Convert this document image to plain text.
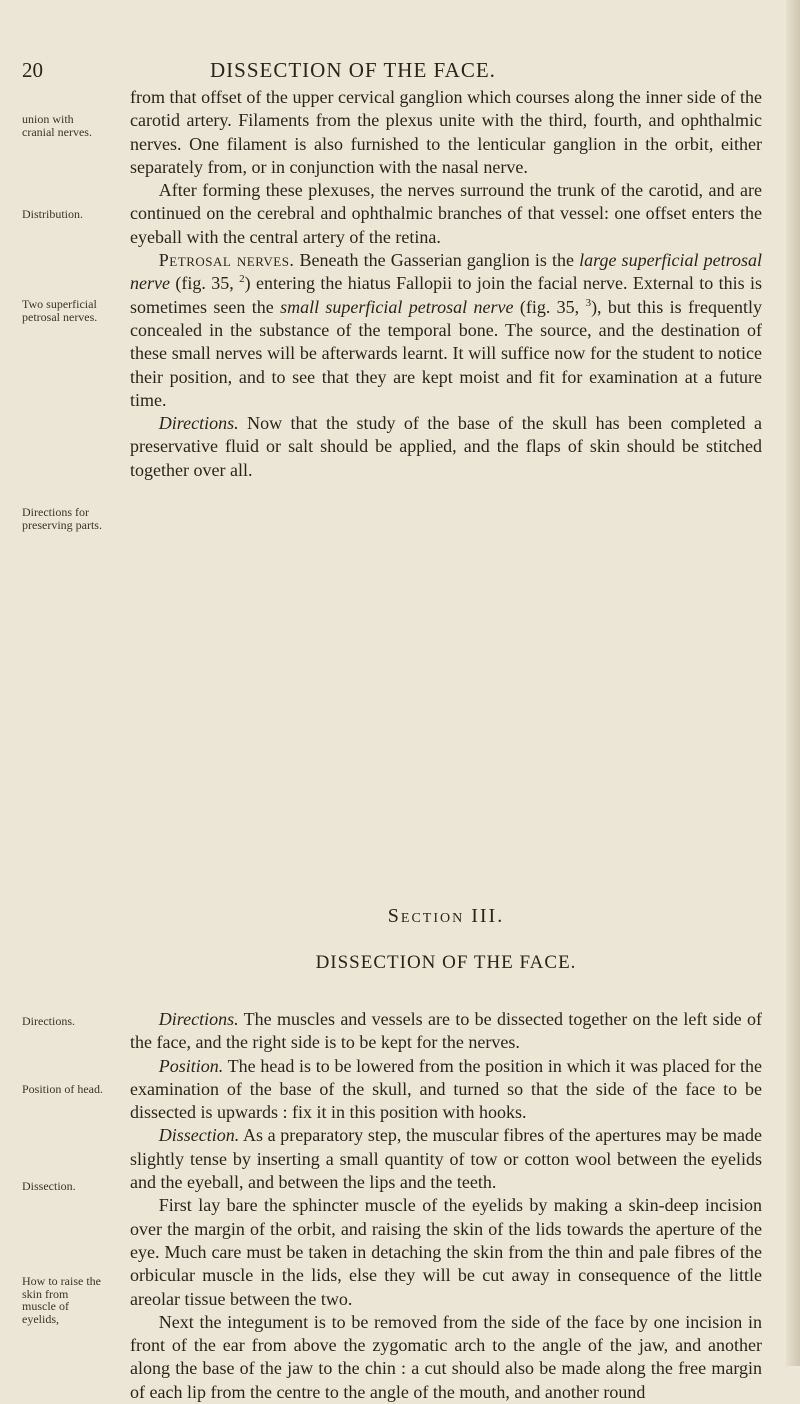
20	DISSECTION OF THE FACE.
union with cranial nerves.
Distribution.
Two superficial petrosal nerves.
Directions for preserving parts.
Directions.
Position of head.
Dissection.
How to raise the skin from muscle of eyelids,

from that offset of the upper cervical ganglion which courses along the inner side of the carotid artery. Filaments from the plexus unite with the third, fourth, and ophthalmic nerves. One filament is also furnished to the lenticular ganglion in the orbit, either separately from, or in conjunction with the nasal nerve.

After forming these plexuses, the nerves surround the trunk of the carotid, and are continued on the cerebral and ophthalmic branches of that vessel: one offset enters the eyeball with the central artery of the retina.

Petrosal nerves. Beneath the Gasserian ganglion is the large superficial petrosal nerve (fig. 35, $^2$) entering the hiatus Fallopii to join the facial nerve. External to this is sometimes seen the small superficial petrosal nerve (fig. 35, $^3$), but this is frequently concealed in the substance of the temporal bone. The source, and the destination of these small nerves will be afterwards learnt. It will suffice now for the student to notice their position, and to see that they are kept moist and fit for examination at a future time.

Directions. Now that the study of the base of the skull has been completed a preservative fluid or salt should be applied, and the flaps of skin should be stitched together over all.

Section III.
DISSECTION OF THE FACE.

Directions. The muscles and vessels are to be dissected together on the left side of the face, and the right side is to be kept for the nerves.

Position. The head is to be lowered from the position in which it was placed for the examination of the base of the skull, and turned so that the side of the face to be dissected is upwards : fix it in this position with hooks.

Dissection. As a preparatory step, the muscular fibres of the apertures may be made slightly tense by inserting a small quantity of tow or cotton wool between the eyelids and the eyeball, and between the lips and the teeth.

First lay bare the sphincter muscle of the eyelids by making a skin-deep incision over the margin of the orbit, and raising the skin of the lids towards the aperture of the eye. Much care must be taken in detaching the skin from the thin and pale fibres of the orbicular muscle in the lids, else they will be cut away in consequence of the little areolar tissue between the two.

Next the integument is to be removed from the side of the face by one incision in front of the ear from above the zygomatic arch to the angle of the jaw, and another along the base of the jaw to the chin : a cut should also be made along the free margin of each lip from the centre to the angle of the mouth, and another round
